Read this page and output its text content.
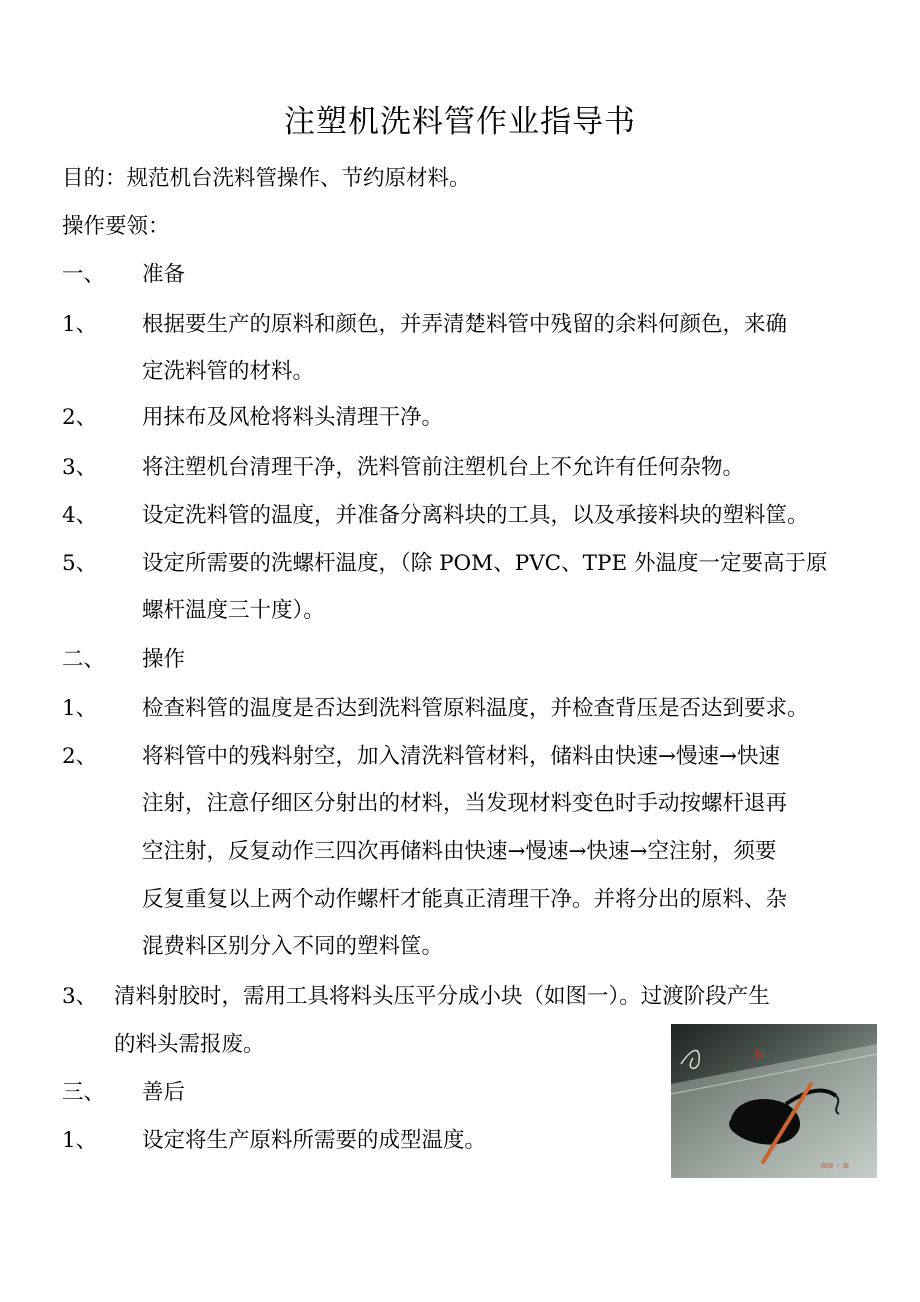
注塑机洗料管作业指导书
目的：规范机台洗料管操作、节约原材料。
操作要领：
一、 准备
1、 根据要生产的原料和颜色，并弄清楚料管中残留的余料何颜色，来确
定洗料管的材料。
2、 用抹布及风枪将料头清理干净。
3、 将注塑机台清理干净，洗料管前注塑机台上不允许有任何杂物。
4、 设定洗料管的温度，并准备分离料块的工具，以及承接料块的塑料筐。
5、 设定所需要的洗螺杆温度，（除 POM、PVC、TPE 外温度一定要高于原
螺杆温度三十度）。
二、 操作
1、 检查料管的温度是否达到洗料管原料温度，并检查背压是否达到要求。
2、 将料管中的残料射空，加入清洗料管材料，储料由快速→慢速→快速
注射，注意仔细区分射出的材料，当发现材料变色时手动按螺杆退再
空注射，反复动作三四次再储料由快速→慢速→快速→空注射，须要
反复重复以上两个动作螺杆才能真正清理干净。并将分出的原料、杂
混费料区别分入不同的塑料筐。
3、 清料射胶时，需用工具将料头压平分成小块（如图一）。过渡阶段产生
的料头需报废。
三、 善后
1、 设定将生产原料所需要的成型温度。
图一
图图 ・ 图
